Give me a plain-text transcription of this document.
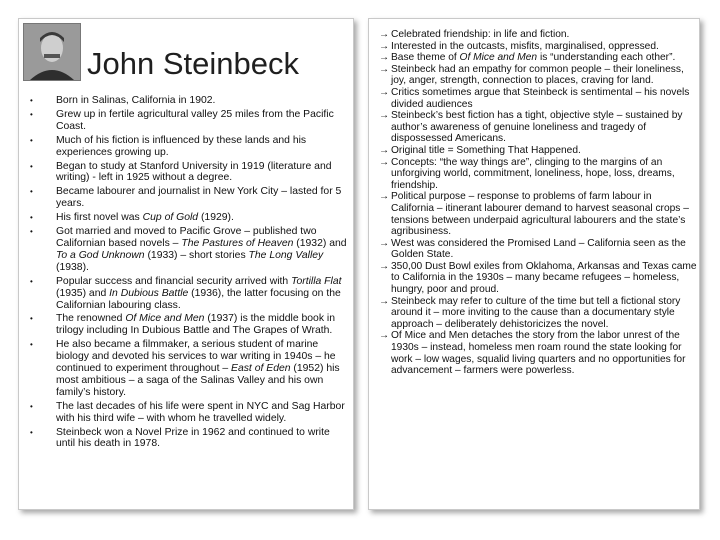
John Steinbeck
• Born in Salinas, California in 1902.
• Grew up in fertile agricultural valley 25 miles from the Pacific Coast.
• Much of his fiction is influenced by these lands and his experiences growing up.
• Began to study at Stanford University in 1919 (literature and writing) - left in 1925 without a degree.
• Became labourer and journalist in New York City – lasted for 5 years.
• His first novel was Cup of Gold (1929).
• Got married and moved to Pacific Grove – published two Californian based novels – The Pastures of Heaven (1932) and To a God Unknown (1933) – short stories The Long Valley (1938).
• Popular success and financial security arrived with Tortilla Flat (1935) and In Dubious Battle (1936), the latter focusing on the Californian labouring class.
• The renowned Of Mice and Men (1937) is the middle book in trilogy including In Dubious Battle and The Grapes of Wrath.
• He also became a filmmaker, a serious student of marine biology and devoted his services to war writing in 1940s – he continued to experiment throughout – East of Eden (1952) his most ambitious – a saga of the Salinas Valley and his own family’s history.
• The last decades of his life were spent in NYC and Sag Harbor with his third wife – with whom he travelled widely.
• Steinbeck won a Novel Prize in 1962 and continued to write until his death in 1978.
→ Celebrated friendship: in life and fiction.
→ Interested in the outcasts, misfits, marginalised, oppressed.
→ Base theme of Of Mice and Men is “understanding each other”.
→ Steinbeck had an empathy for common people – their loneliness, joy, anger, strength, connection to places, craving for land.
→ Critics sometimes argue that Steinbeck is sentimental – his novels divided audiences
→ Steinbeck’s best fiction has a tight, objective style – sustained by author’s awareness of genuine loneliness and tragedy of dispossessed Americans.
→ Original title = Something That Happened.
→ Concepts: “the way things are”, clinging to the margins of an unforgiving world, commitment, loneliness, hope, loss, dreams, friendship.
→ Political purpose – response to problems of farm labour in California – itinerant labourer demand to harvest seasonal crops – tensions between underpaid agricultural labourers and the state’s agribusiness.
→ West was considered the Promised Land – California seen as the Golden State.
→ 350,00 Dust Bowl exiles from Oklahoma, Arkansas and Texas came to California in the 1930s – many became refugees – homeless, hungry, poor and proud.
→ Steinbeck may refer to culture of the time but tell a fictional story around it – more inviting to the cause than a documentary style approach – deliberately dehistoricizes the novel.
→ Of Mice and Men detaches the story from the labor unrest of the 1930s – instead, homeless men roam round the state looking for work – low wages, squalid living quarters and no opportunities for advancement – farmers were powerless.
